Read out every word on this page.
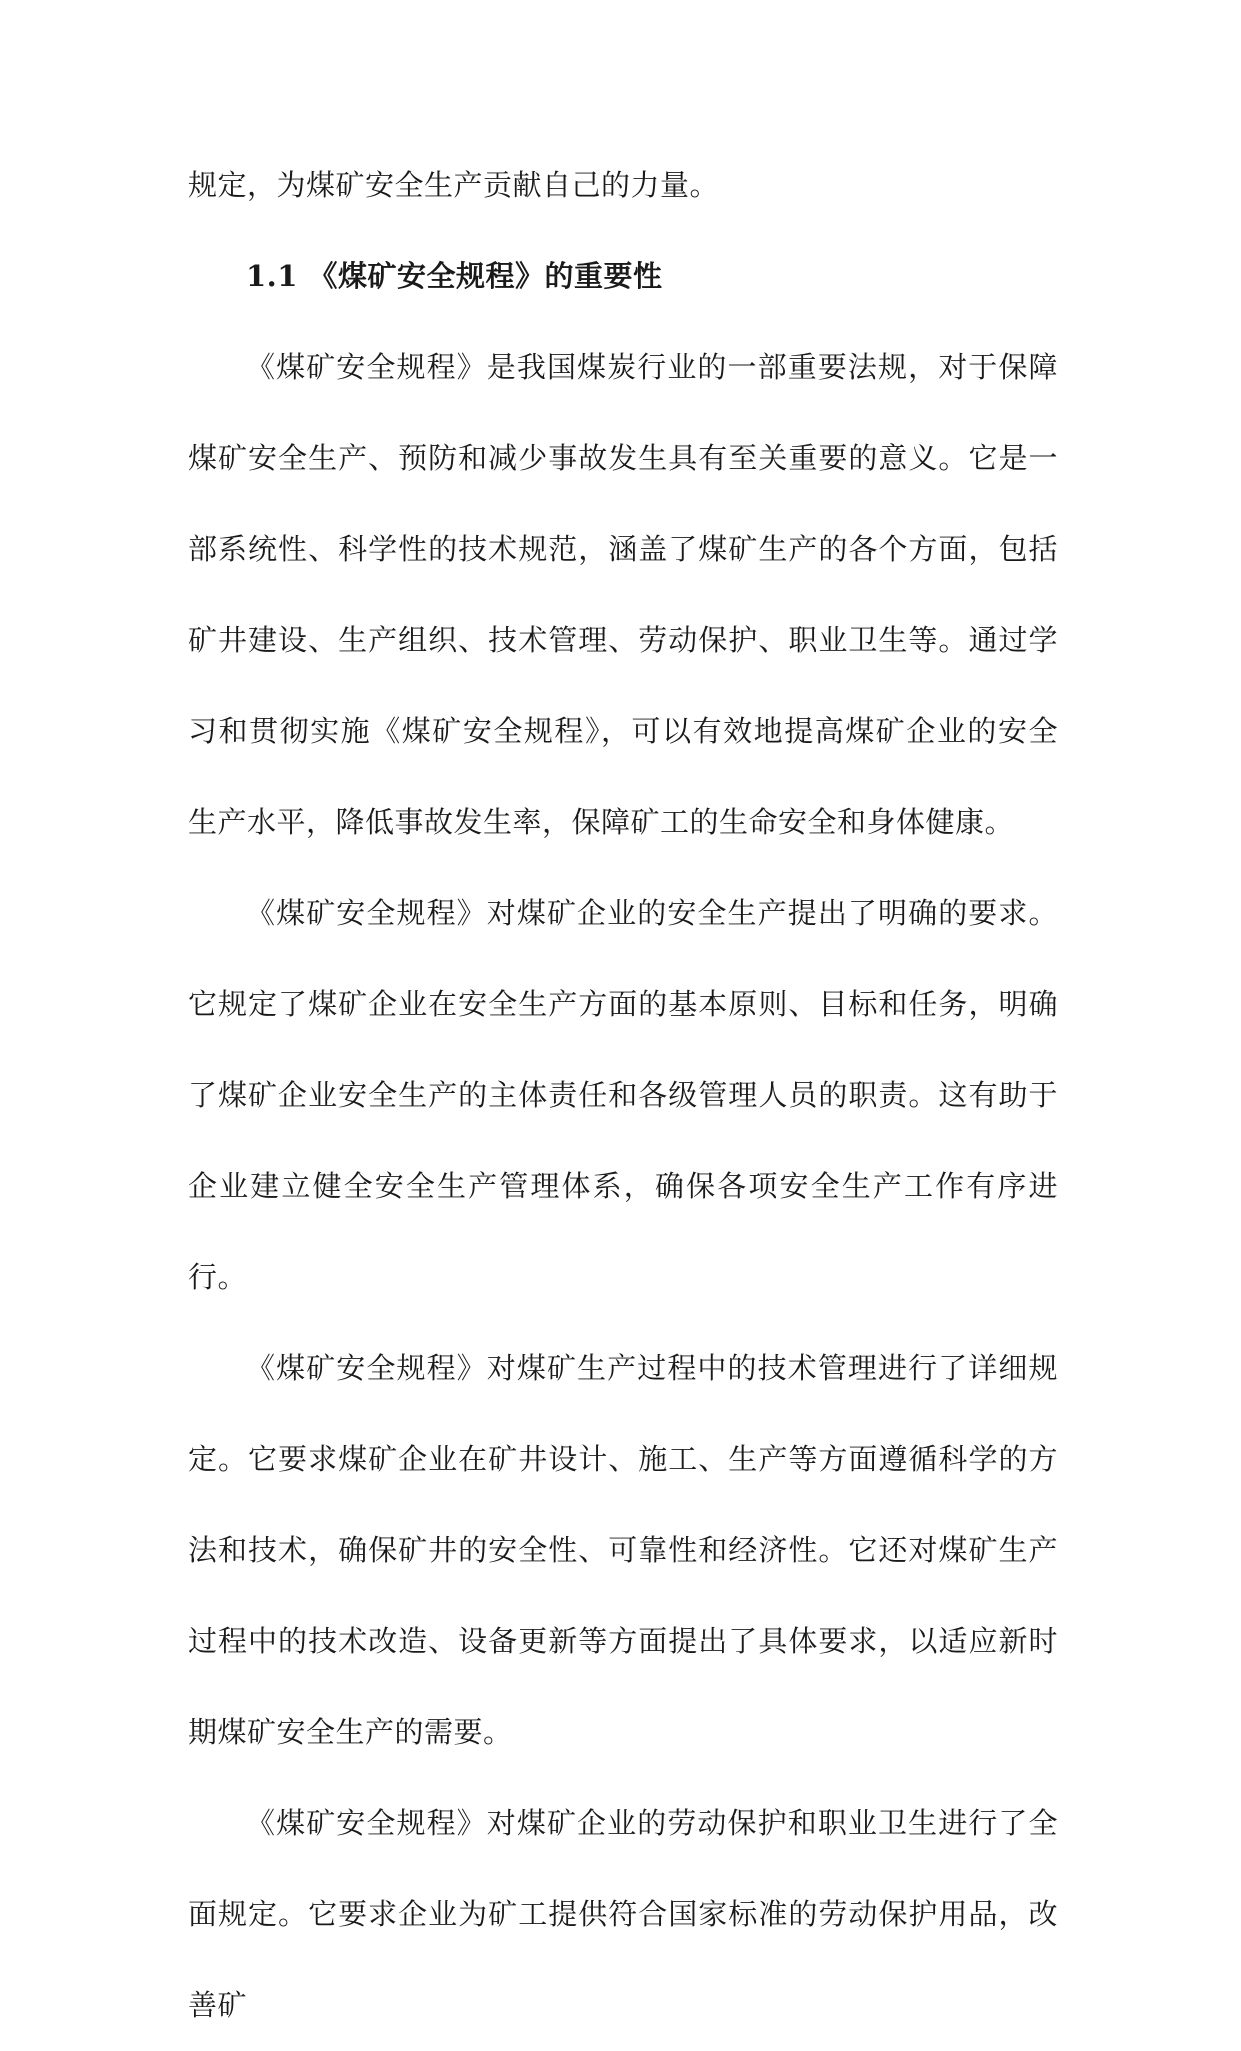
规定，为煤矿安全生产贡献自己的力量。

1.1 《煤矿安全规程》的重要性

《煤矿安全规程》是我国煤炭行业的一部重要法规，对于保障煤矿安全生产、预防和减少事故发生具有至关重要的意义。它是一部系统性、科学性的技术规范，涵盖了煤矿生产的各个方面，包括矿井建设、生产组织、技术管理、劳动保护、职业卫生等。通过学习和贯彻实施《煤矿安全规程》，可以有效地提高煤矿企业的安全生产水平，降低事故发生率，保障矿工的生命安全和身体健康。

《煤矿安全规程》对煤矿企业的安全生产提出了明确的要求。它规定了煤矿企业在安全生产方面的基本原则、目标和任务，明确了煤矿企业安全生产的主体责任和各级管理人员的职责。这有助于企业建立健全安全生产管理体系，确保各项安全生产工作有序进行。

《煤矿安全规程》对煤矿生产过程中的技术管理进行了详细规定。它要求煤矿企业在矿井设计、施工、生产等方面遵循科学的方法和技术，确保矿井的安全性、可靠性和经济性。它还对煤矿生产过程中的技术改造、设备更新等方面提出了具体要求，以适应新时期煤矿安全生产的需要。

《煤矿安全规程》对煤矿企业的劳动保护和职业卫生进行了全面规定。它要求企业为矿工提供符合国家标准的劳动保护用品，改善矿
